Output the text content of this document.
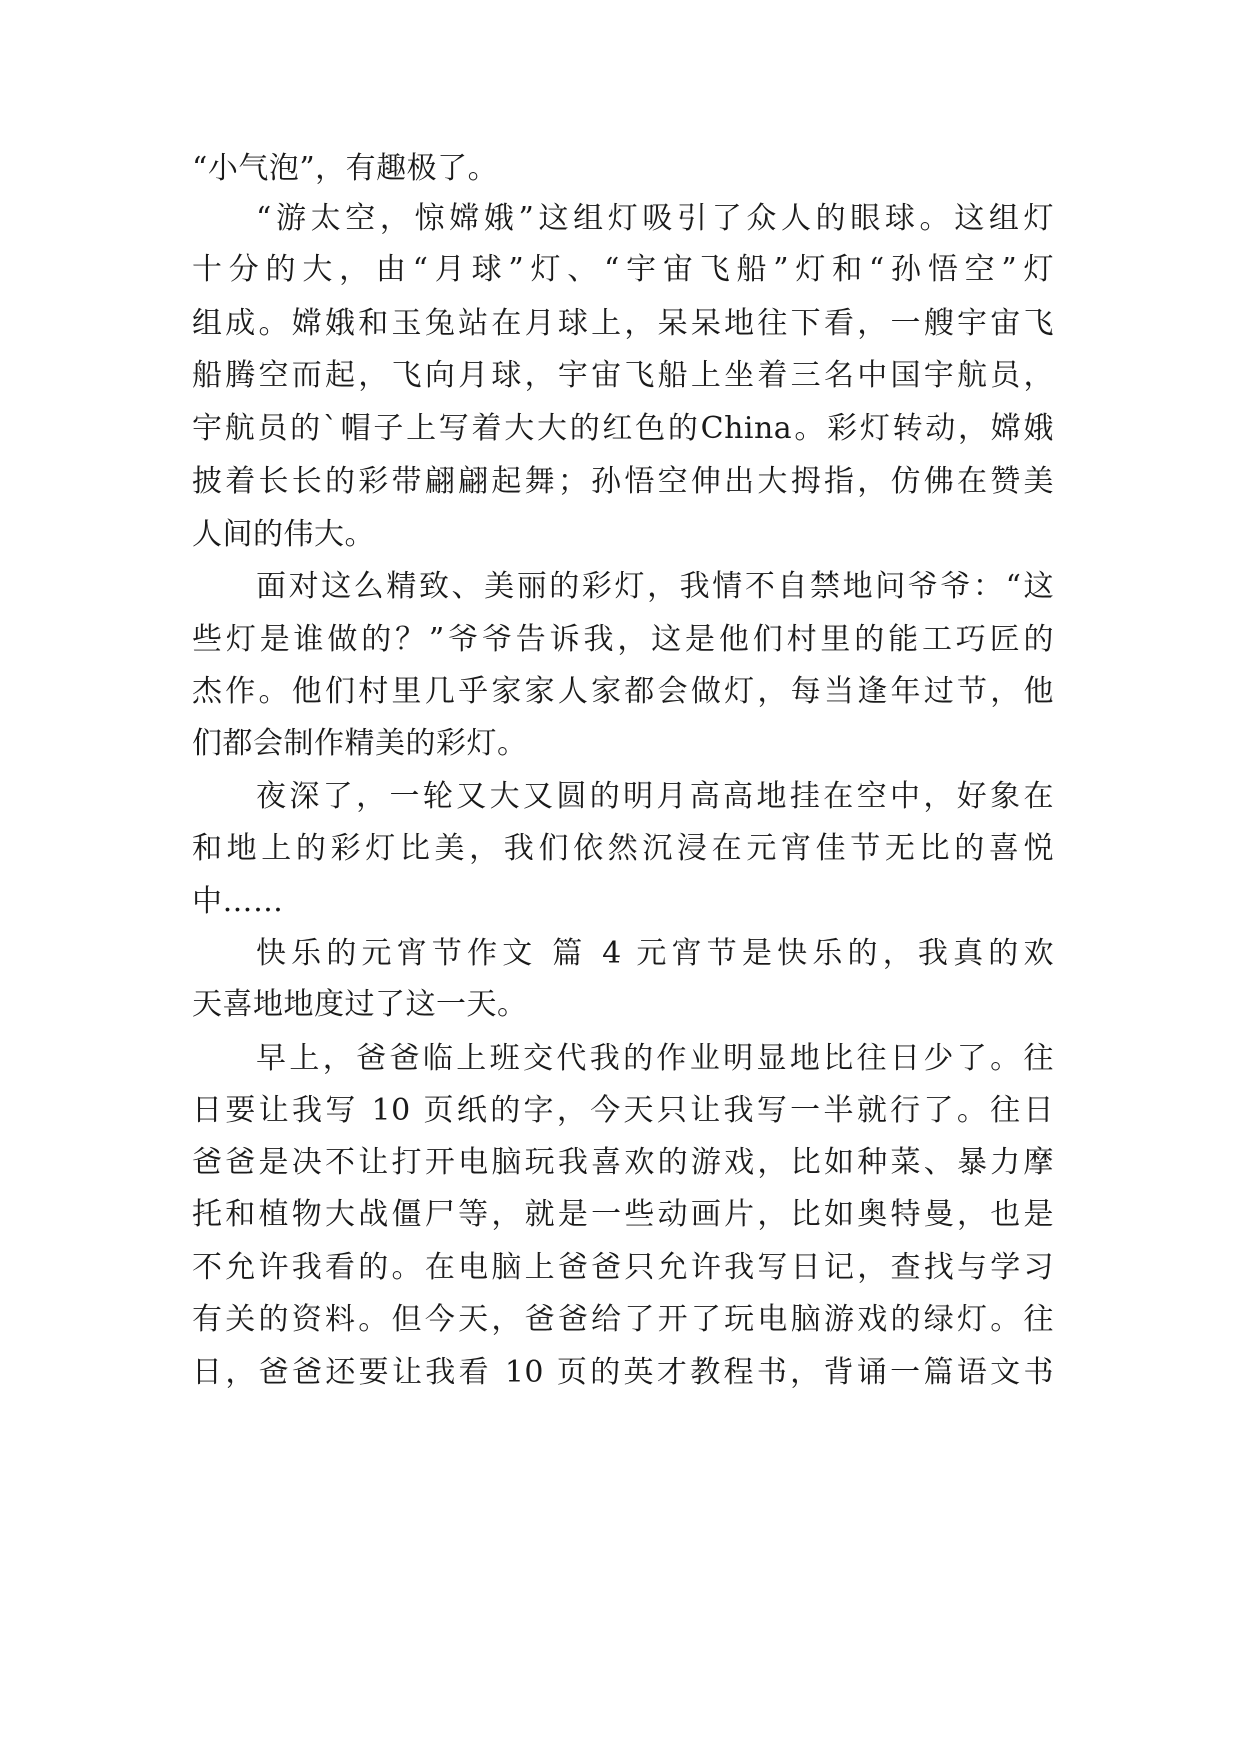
“小气泡”，有趣极了。
“游太空，惊嫦娥”这组灯吸引了众人的眼球。这组灯
十分的大，由“月球”灯、“宇宙飞船”灯和“孙悟空”灯
组成。嫦娥和玉兔站在月球上，呆呆地往下看，一艘宇宙飞
船腾空而起，飞向月球，宇宙飞船上坐着三名中国宇航员，
宇航员的`帽子上写着大大的红色的China。彩灯转动，嫦娥
披着长长的彩带翩翩起舞；孙悟空伸出大拇指，仿佛在赞美
人间的伟大。
面对这么精致、美丽的彩灯，我情不自禁地问爷爷：“这
些灯是谁做的？”爷爷告诉我，这是他们村里的能工巧匠的
杰作。他们村里几乎家家人家都会做灯，每当逢年过节，他
们都会制作精美的彩灯。
夜深了，一轮又大又圆的明月高高地挂在空中，好象在
和地上的彩灯比美，我们依然沉浸在元宵佳节无比的喜悦
中……
快乐的元宵节作文 篇 4 元宵节是快乐的，我真的欢
天喜地地度过了这一天。
早上，爸爸临上班交代我的作业明显地比往日少了。往
日要让我写 10 页纸的字，今天只让我写一半就行了。往日
爸爸是决不让打开电脑玩我喜欢的游戏，比如种菜、暴力摩
托和植物大战僵尸等，就是一些动画片，比如奥特曼，也是
不允许我看的。在电脑上爸爸只允许我写日记，查找与学习
有关的资料。但今天，爸爸给了开了玩电脑游戏的绿灯。往
日，爸爸还要让我看 10 页的英才教程书，背诵一篇语文书
